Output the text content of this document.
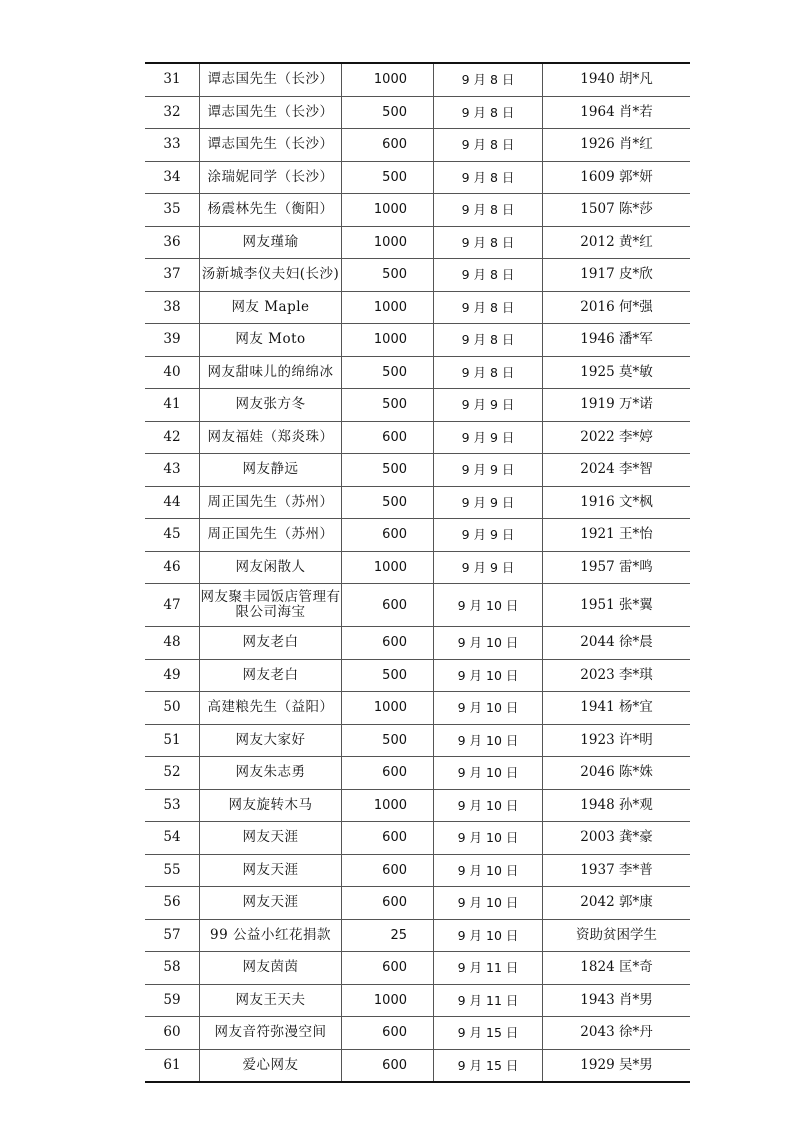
31	谭志国先生（长沙）	1000	9 月 8 日	1940 胡*凡
32	谭志国先生（长沙）	500	9 月 8 日	1964 肖*若
33	谭志国先生（长沙）	600	9 月 8 日	1926 肖*红
34	涂瑞妮同学（长沙）	500	9 月 8 日	1609 郭*妍
35	杨震林先生（衡阳）	1000	9 月 8 日	1507 陈*莎
36	网友瑾瑜	1000	9 月 8 日	2012 黄*红
37	汤新城李仪夫妇(长沙)	500	9 月 8 日	1917 皮*欣
38	网友 Maple	1000	9 月 8 日	2016 何*强
39	网友 Moto	1000	9 月 8 日	1946 潘*军
40	网友甜味儿的绵绵冰	500	9 月 8 日	1925 莫*敏
41	网友张方冬	500	9 月 9 日	1919 万*诺
42	网友福娃（郑炎珠）	600	9 月 9 日	2022 李*婷
43	网友静远	500	9 月 9 日	2024 李*智
44	周正国先生（苏州）	500	9 月 9 日	1916 文*枫
45	周正国先生（苏州）	600	9 月 9 日	1921 王*怡
46	网友闲散人	1000	9 月 9 日	1957 雷*鸣
47	网友聚丰园饭店管理有限公司海宝	600	9 月 10 日	1951 张*翼
48	网友老白	600	9 月 10 日	2044 徐*晨
49	网友老白	500	9 月 10 日	2023 李*琪
50	高建粮先生（益阳）	1000	9 月 10 日	1941 杨*宜
51	网友大家好	500	9 月 10 日	1923 许*明
52	网友朱志勇	600	9 月 10 日	2046 陈*姝
53	网友旋转木马	1000	9 月 10 日	1948 孙*观
54	网友天涯	600	9 月 10 日	2003 龚*豪
55	网友天涯	600	9 月 10 日	1937 李*普
56	网友天涯	600	9 月 10 日	2042 郭*康
57	99 公益小红花捐款	25	9 月 10 日	资助贫困学生
58	网友茵茵	600	9 月 11 日	1824 匡*奇
59	网友王天夫	1000	9 月 11 日	1943 肖*男
60	网友音符弥漫空间	600	9 月 15 日	2043 徐*丹
61	爱心网友	600	9 月 15 日	1929 吴*男
